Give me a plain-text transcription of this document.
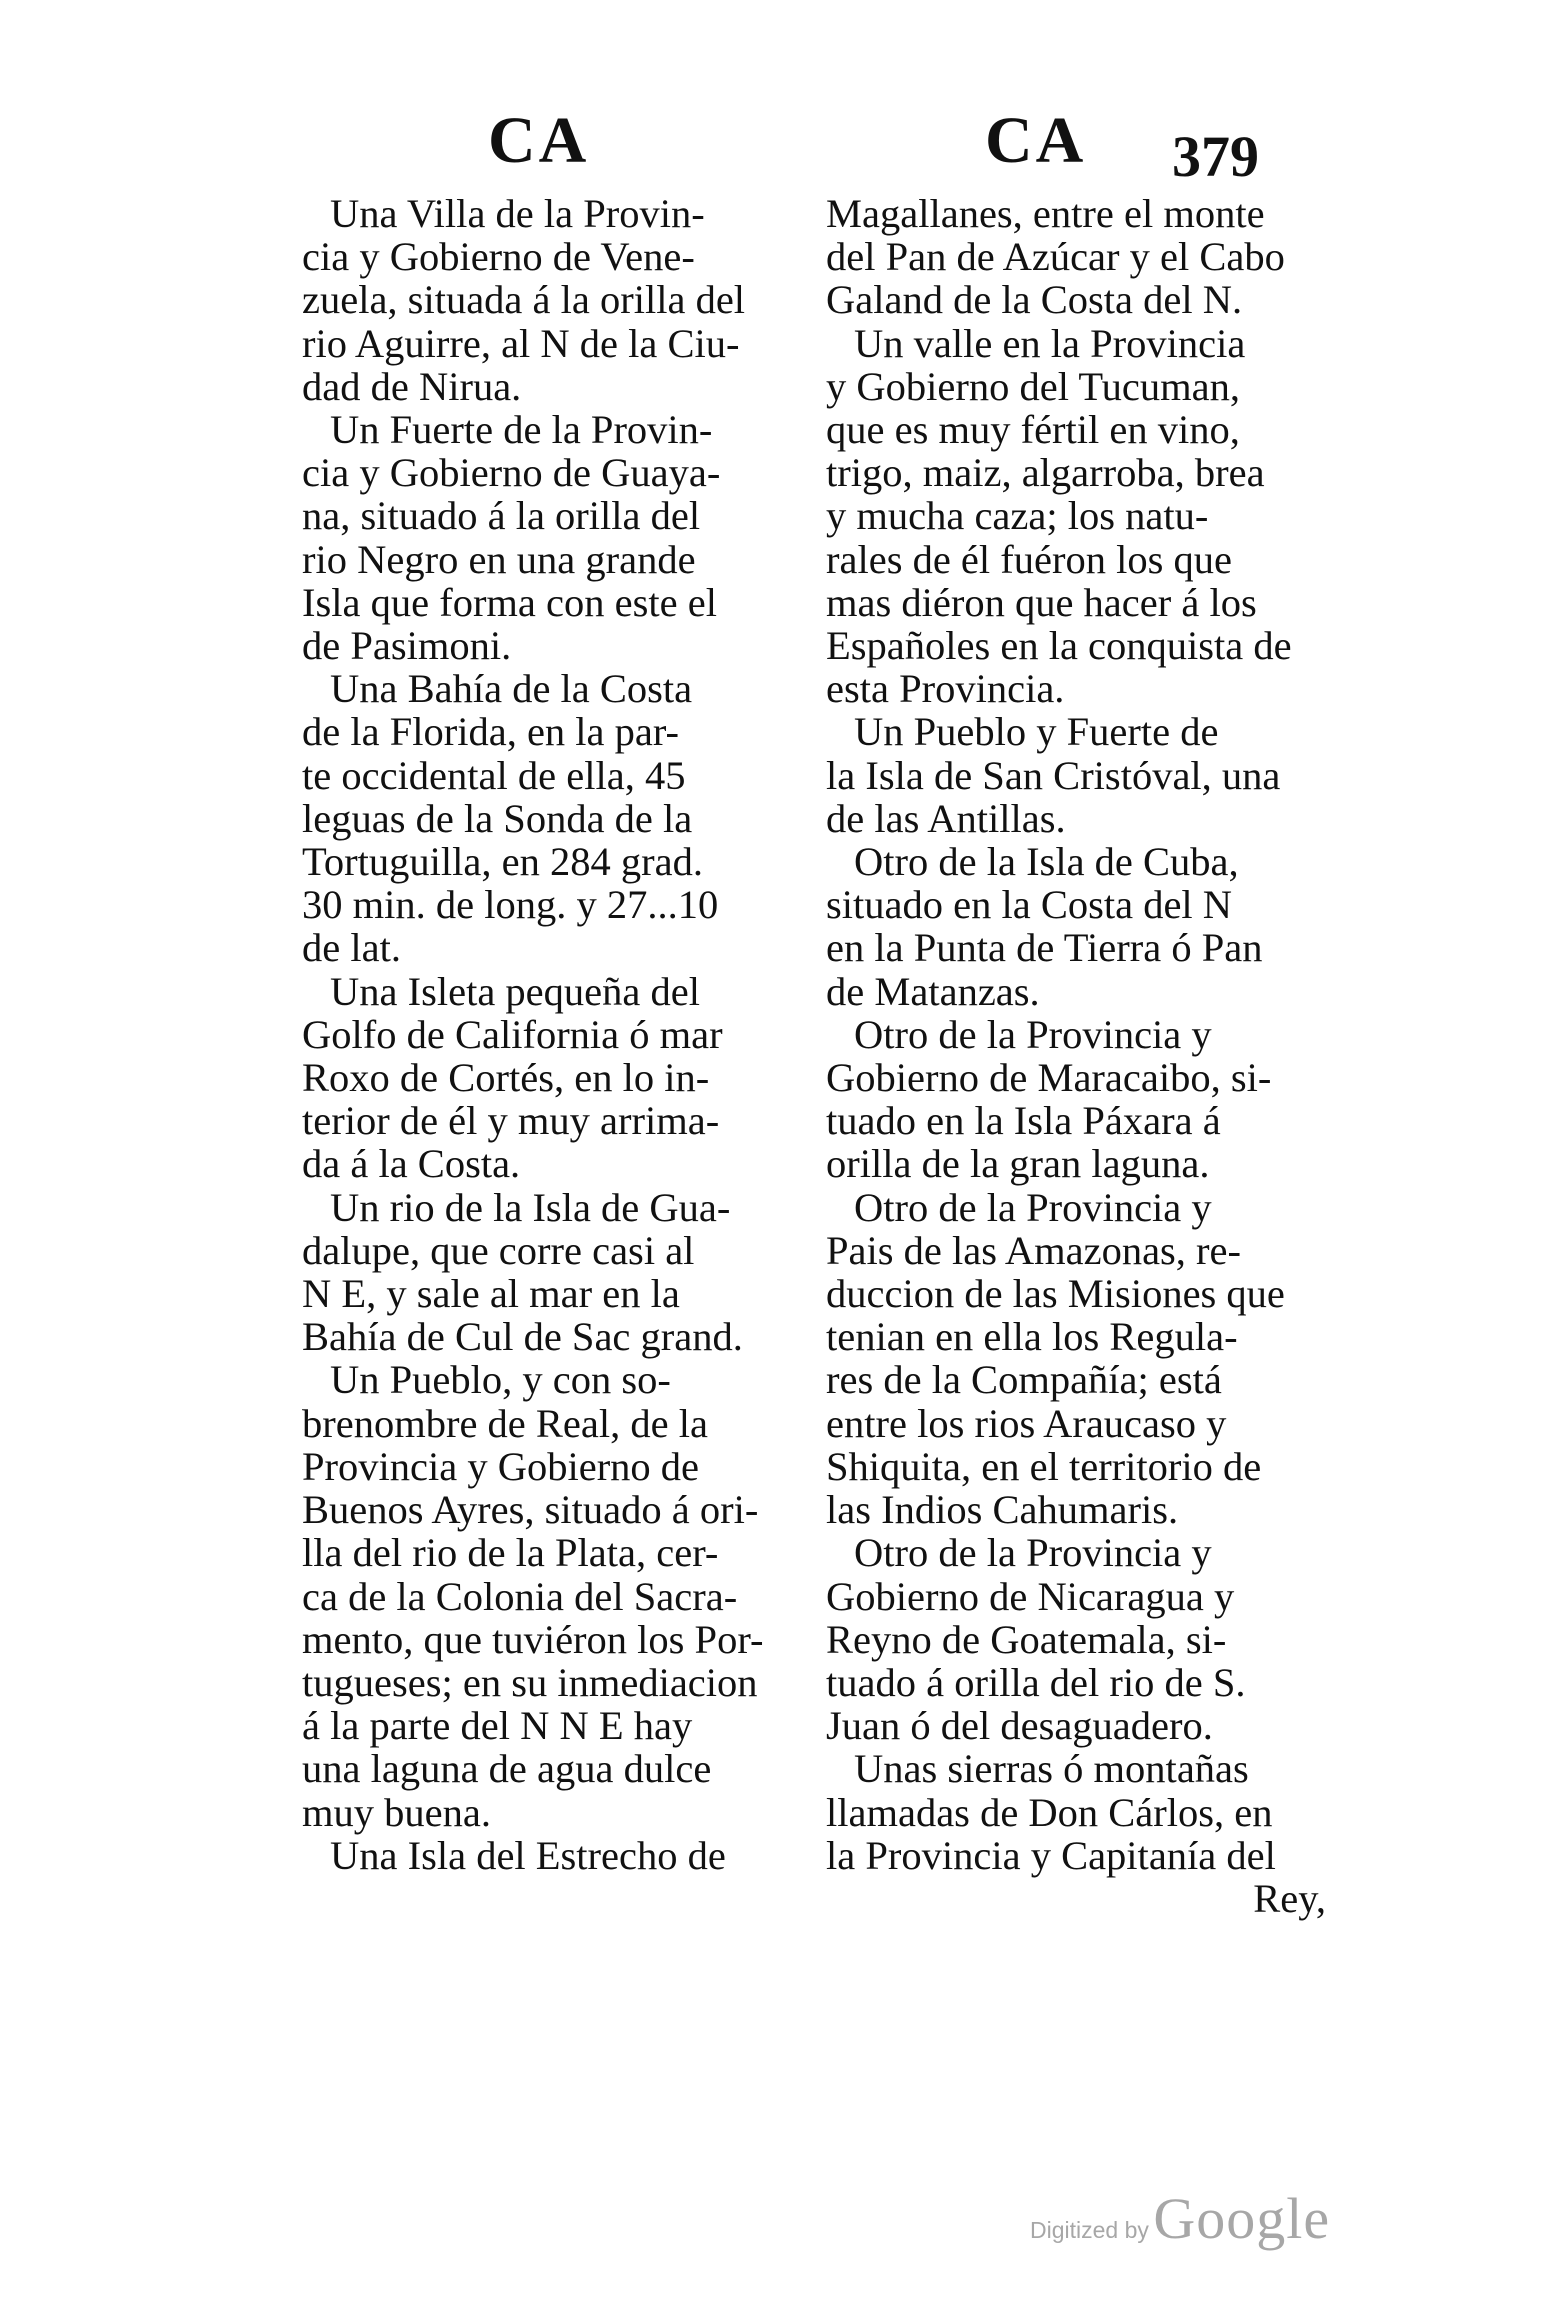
CA	CA 379
Una Villa de la Provin-
cia y Gobierno de Vene-
zuela, situada á la orilla del
rio Aguirre, al N de la Ciu-
dad de Nirua.
Un Fuerte de la Provin-
cia y Gobierno de Guaya-
na, situado á la orilla del
rio Negro en una grande
Isla que forma con este el
de Pasimoni.
Una Bahía de la Costa
de la Florida, en la par-
te occidental de ella, 45
leguas de la Sonda de la
Tortuguilla, en 284 grad.
30 min. de long. y 27...10
de lat.
Una Isleta pequeña del
Golfo de California ó mar
Roxo de Cortés, en lo in-
terior de él y muy arrima-
da á la Costa.
Un rio de la Isla de Gua-
dalupe, que corre casi al
N E, y sale al mar en la
Bahía de Cul de Sac grand.
Un Pueblo, y con so-
brenombre de Real, de la
Provincia y Gobierno de
Buenos Ayres, situado á ori-
lla del rio de la Plata, cer-
ca de la Colonia del Sacra-
mento, que tuviéron los Por-
tugueses; en su inmediacion
á la parte del N N E hay
una laguna de agua dulce
muy buena.
Una Isla del Estrecho de
Magallanes, entre el monte
del Pan de Azúcar y el Cabo
Galand de la Costa del N.
Un valle en la Provincia
y Gobierno del Tucuman,
que es muy fértil en vino,
trigo, maiz, algarroba, brea
y mucha caza; los natu-
rales de él fuéron los que
mas diéron que hacer á los
Españoles en la conquista de
esta Provincia.
Un Pueblo y Fuerte de
la Isla de San Cristóval, una
de las Antillas.
Otro de la Isla de Cuba,
situado en la Costa del N
en la Punta de Tierra ó Pan
de Matanzas.
Otro de la Provincia y
Gobierno de Maracaibo, si-
tuado en la Isla Páxara á
orilla de la gran laguna.
Otro de la Provincia y
Pais de las Amazonas, re-
duccion de las Misiones que
tenian en ella los Regula-
res de la Compañía; está
entre los rios Araucaso y
Shiquita, en el territorio de
las Indios Cahumaris.
Otro de la Provincia y
Gobierno de Nicaragua y
Reyno de Goatemala, si-
tuado á orilla del rio de S.
Juan ó del desaguadero.
Unas sierras ó montañas
llamadas de Don Cárlos, en
la Provincia y Capitanía del
Rey,
Digitized by Google
